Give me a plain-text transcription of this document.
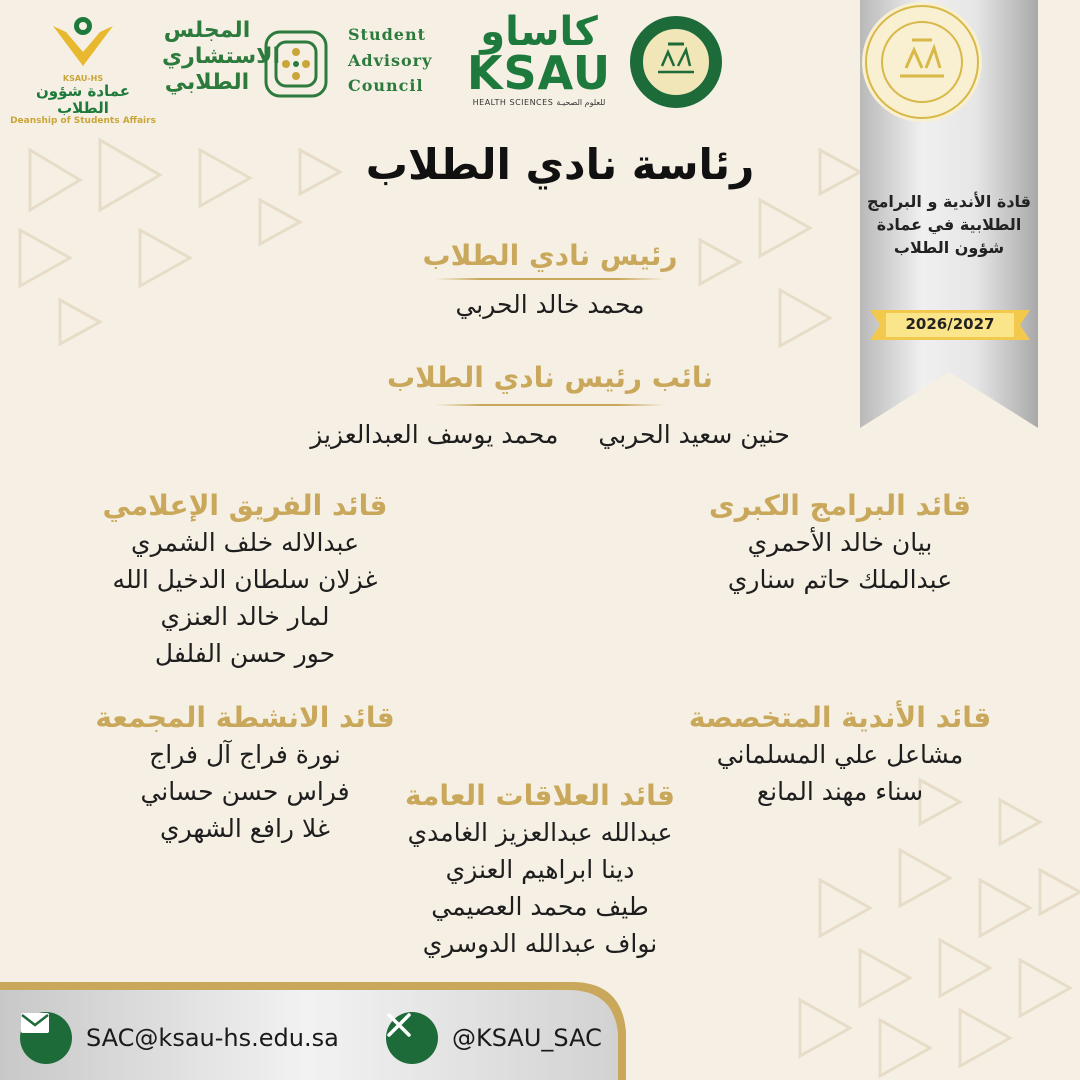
KSAU-HS
عمادة شؤون الطلاب
Deanship of Students Affairs
المجلس
الاستشاري
الطلابي
Student
Advisory
Council
كاساو
KSAU
HEALTH SCIENCES للعلوم الصحيـة
رئاسة نادي الطلاب
قادة الأندية و البرامج
الطلابية في عمادة
شؤون الطلاب
2026/2027
رئيس نادي الطلاب
محمد خالد الحربي
نائب رئيس نادي الطلاب
حنين سعيد الحربي
محمد يوسف العبدالعزيز
قائد البرامج الكبرى
بيان خالد الأحمري
عبدالملك حاتم سناري
قائد الفريق الإعلامي
عبدالاله خلف الشمري
غزلان سلطان الدخيل الله
لمار خالد العنزي
حور حسن الفلفل
قائد الأندية المتخصصة
مشاعل علي المسلماني
سناء مهند المانع
قائد الانشطة المجمعة
نورة فراج آل فراج
فراس حسن حساني
غلا رافع الشهري
قائد العلاقات العامة
عبدالله عبدالعزيز الغامدي
دينا ابراهيم العنزي
طيف محمد العصيمي
نواف عبدالله الدوسري
SAC@ksau-hs.edu.sa	@KSAU_SAC
